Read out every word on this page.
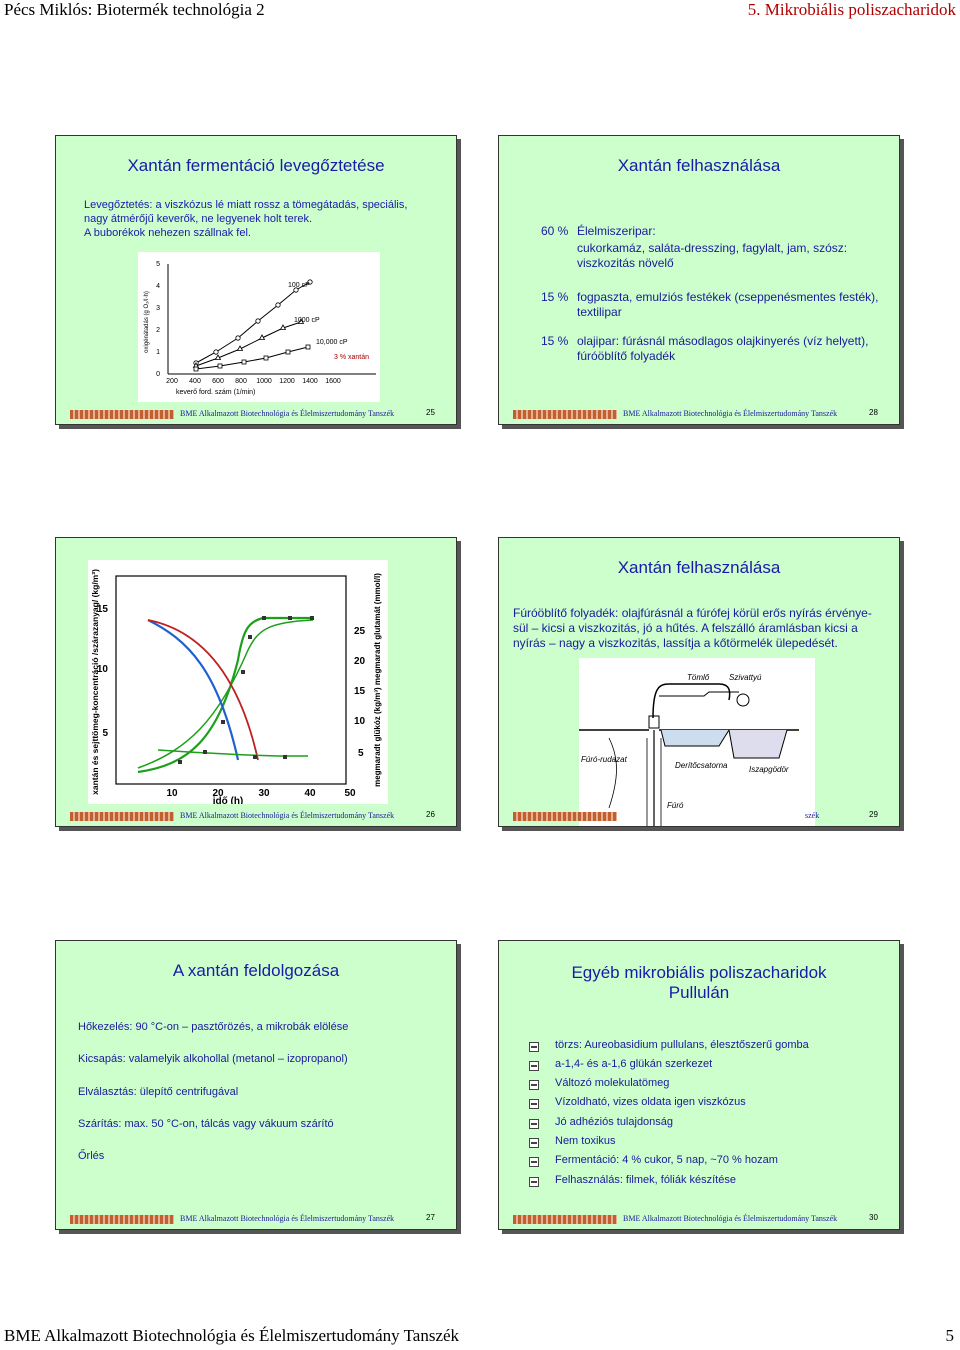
Pécs Miklós: Biotermék technológia 2	5. Mikrobiális poliszacharidok
Xantán fermentáció levegőztetése
Levegőztetés: a viszkózus lé miatt rossz a tömegátadás, speciális,
nagy átmérőjű keverők, ne legyenek holt terek.
A buborékok nehezen szállnak fel.
0
1
2
3
4
5
200 400 600 800 1000 1200 1400 1600
keverő ford. szám (1/min)
oxigénátadás (g O₂/l·h)
100 cP
1000 cP
10,000 cP
3 % xantán
BME Alkalmazott Biotechnológia és Élelmiszertudomány Tanszék	25
Xantán felhasználása
60 % Élelmiszeripar:
cukorkamáz, saláta-dresszing, fagylalt, jam, szósz:
viszkozitás növelő
15 % fogpaszta, emulziós festékek (cseppenésmentes festék),
textilipar
15 % olajipar: fúrásnál másodlagos olajkinyerés (víz helyett),
fúróöblítő folyadék
BME Alkalmazott Biotechnológia és Élelmiszertudomány Tanszék	28
xantán és sejttömeg-koncentráció /szárazanyag/ (kg/m³) 5
10
15
5
10
15
20
25 megmaradt glükóz (kg/m³) megmaradt glutamát (mmol/l)
10	20	30	40	50
idő (h)
BME Alkalmazott Biotechnológia és Élelmiszertudomány Tanszék	26
Xantán felhasználása
Fúróöblítő folyadék: olajfúrásnál a fúrófej körül erős nyírás érvénye-
sül – kicsi a viszkozitás, jó a hűtés. A felszálló áramlásban kicsi a
nyírás – nagy a viszkozitás, lassítja a kőtörmelék ülepedését.
Tömlő Szivattyú
Fúró-rudazat
Derítőcsatorna	Iszapgödör
Fúró
szék	29
A xantán feldolgozása
Hőkezelés: 90 °C-on – pasztőrözés, a mikrobák elölése
Kicsapás: valamelyik alkohollal (metanol – izopropanol)
Elválasztás: ülepítő centrifugával
Szárítás: max. 50 °C-on, tálcás vagy vákuum szárító
Őrlés
BME Alkalmazott Biotechnológia és Élelmiszertudomány Tanszék	27
Egyéb mikrobiális poliszacharidok
Pullulán
törzs: Aureobasidium pullulans, élesztőszerű gomba
a-1,4- és a-1,6 glükán szerkezet
Változó molekulatömeg
Vízoldható, vizes oldata igen viszkózus
Jó adhéziós tulajdonság
Nem toxikus
Fermentáció: 4 % cukor, 5 nap, ~70 % hozam
Felhasználás: filmek, fóliák készítése
BME Alkalmazott Biotechnológia és Élelmiszertudomány Tanszék	30
BME Alkalmazott Biotechnológia és Élelmiszertudomány Tanszék	5
